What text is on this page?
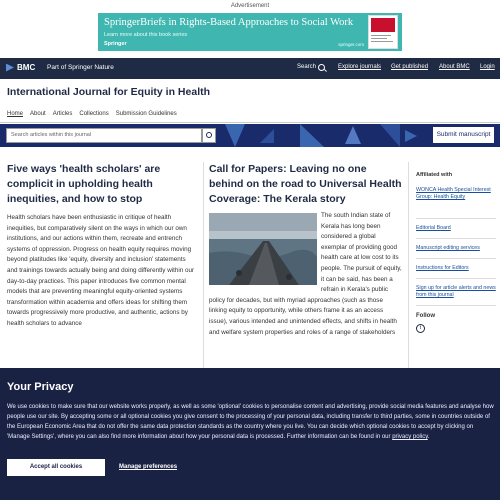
Advertisement
SpringerBriefs in Rights-Based Approaches to Social Work
Learn more about this book series
Springer	springer.com
BMC Part of Springer Nature	Search	Explore journals Get published About BMC Login
International Journal for Equity in Health
Home About Articles Collections Submission Guidelines
Search articles within this journal	Submit manuscript
Five ways 'health scholars' are complicit in upholding health inequities, and how to stop
Health scholars have been enthusiastic in critique of health inequities, but comparatively silent on the ways in which our own institutions, and our actions within them, recreate and entrench systems of oppression. Progress on health equity requires moving beyond platitudes like 'equity, diversity and inclusion' statements and trainings towards actually being and doing differently within our day-to-day practices. This paper introduces five common mental models that are preventing meaningful equity-oriented systems transformation within academia and offers ideas for shifting them towards progressively more productive, and authentic, actions by health scholars to advance
Call for Papers: Leaving no one behind on the road to Universal Health Coverage: The Kerala story
The south Indian state of Kerala has long been considered a global exemplar of providing good health care at low cost to its people. The pursuit of equity, it can be said, has been a refrain in Kerala's public policy for decades, but with myriad approaches (such as those linking equity to opportunity, while others frame it as an access issue), various intended and unintended effects, and shifts in health and welfare system properties and roles of a range of stakeholders
Affiliated with
WONCA Health Special Interest Group: Health Equity
Editorial Board
Manuscript editing services
Instructions for Editors
Sign up for article alerts and news from this journal
Follow
t
Your Privacy

We use cookies to make sure that our website works properly, as well as some 'optional' cookies to personalise content and advertising, provide social media features and analyse how people use our site. By accepting some or all optional cookies you give consent to the processing of your personal data, including transfer to third parties, some in countries outside of the European Economic Area that do not offer the same data protection standards as the country where you live. You can decide which optional cookies to accept by clicking on 'Manage Settings', where you can also find more information about how your personal data is processed. Further information can be found in our privacy policy.

Accept all cookies	Manage preferences
